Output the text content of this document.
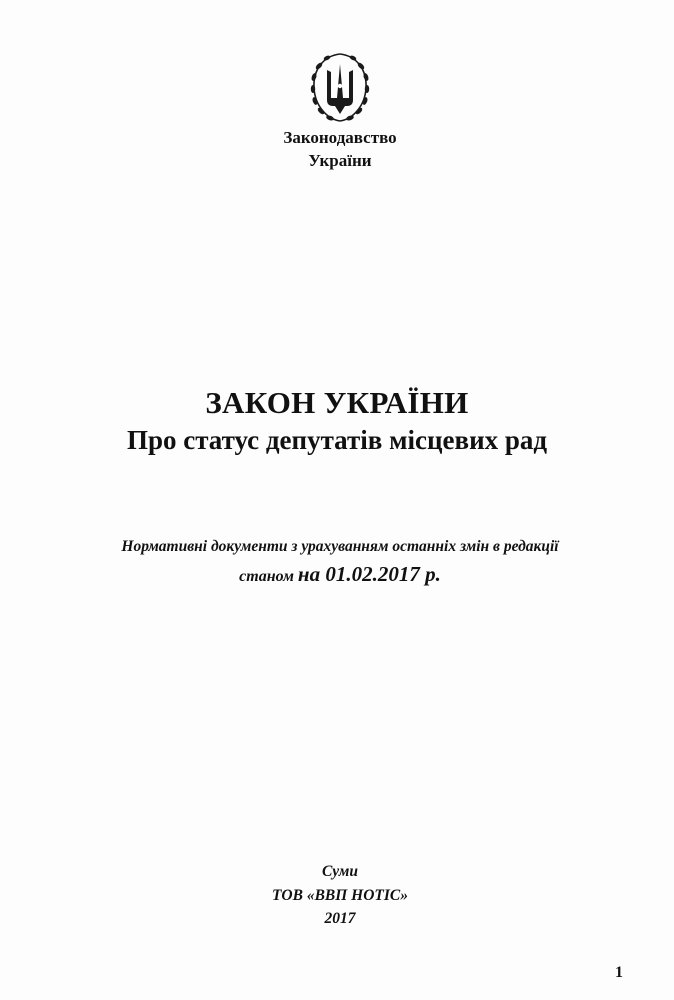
Законодавство
України
ЗАКОН УКРАЇНИ
Про статус депутатів місцевих рад
Нормативні документи з урахуванням останніх змін в редакції
станом на 01.02.2017 р.
Суми
ТОВ «ВВП НОТІС»
2017
1
